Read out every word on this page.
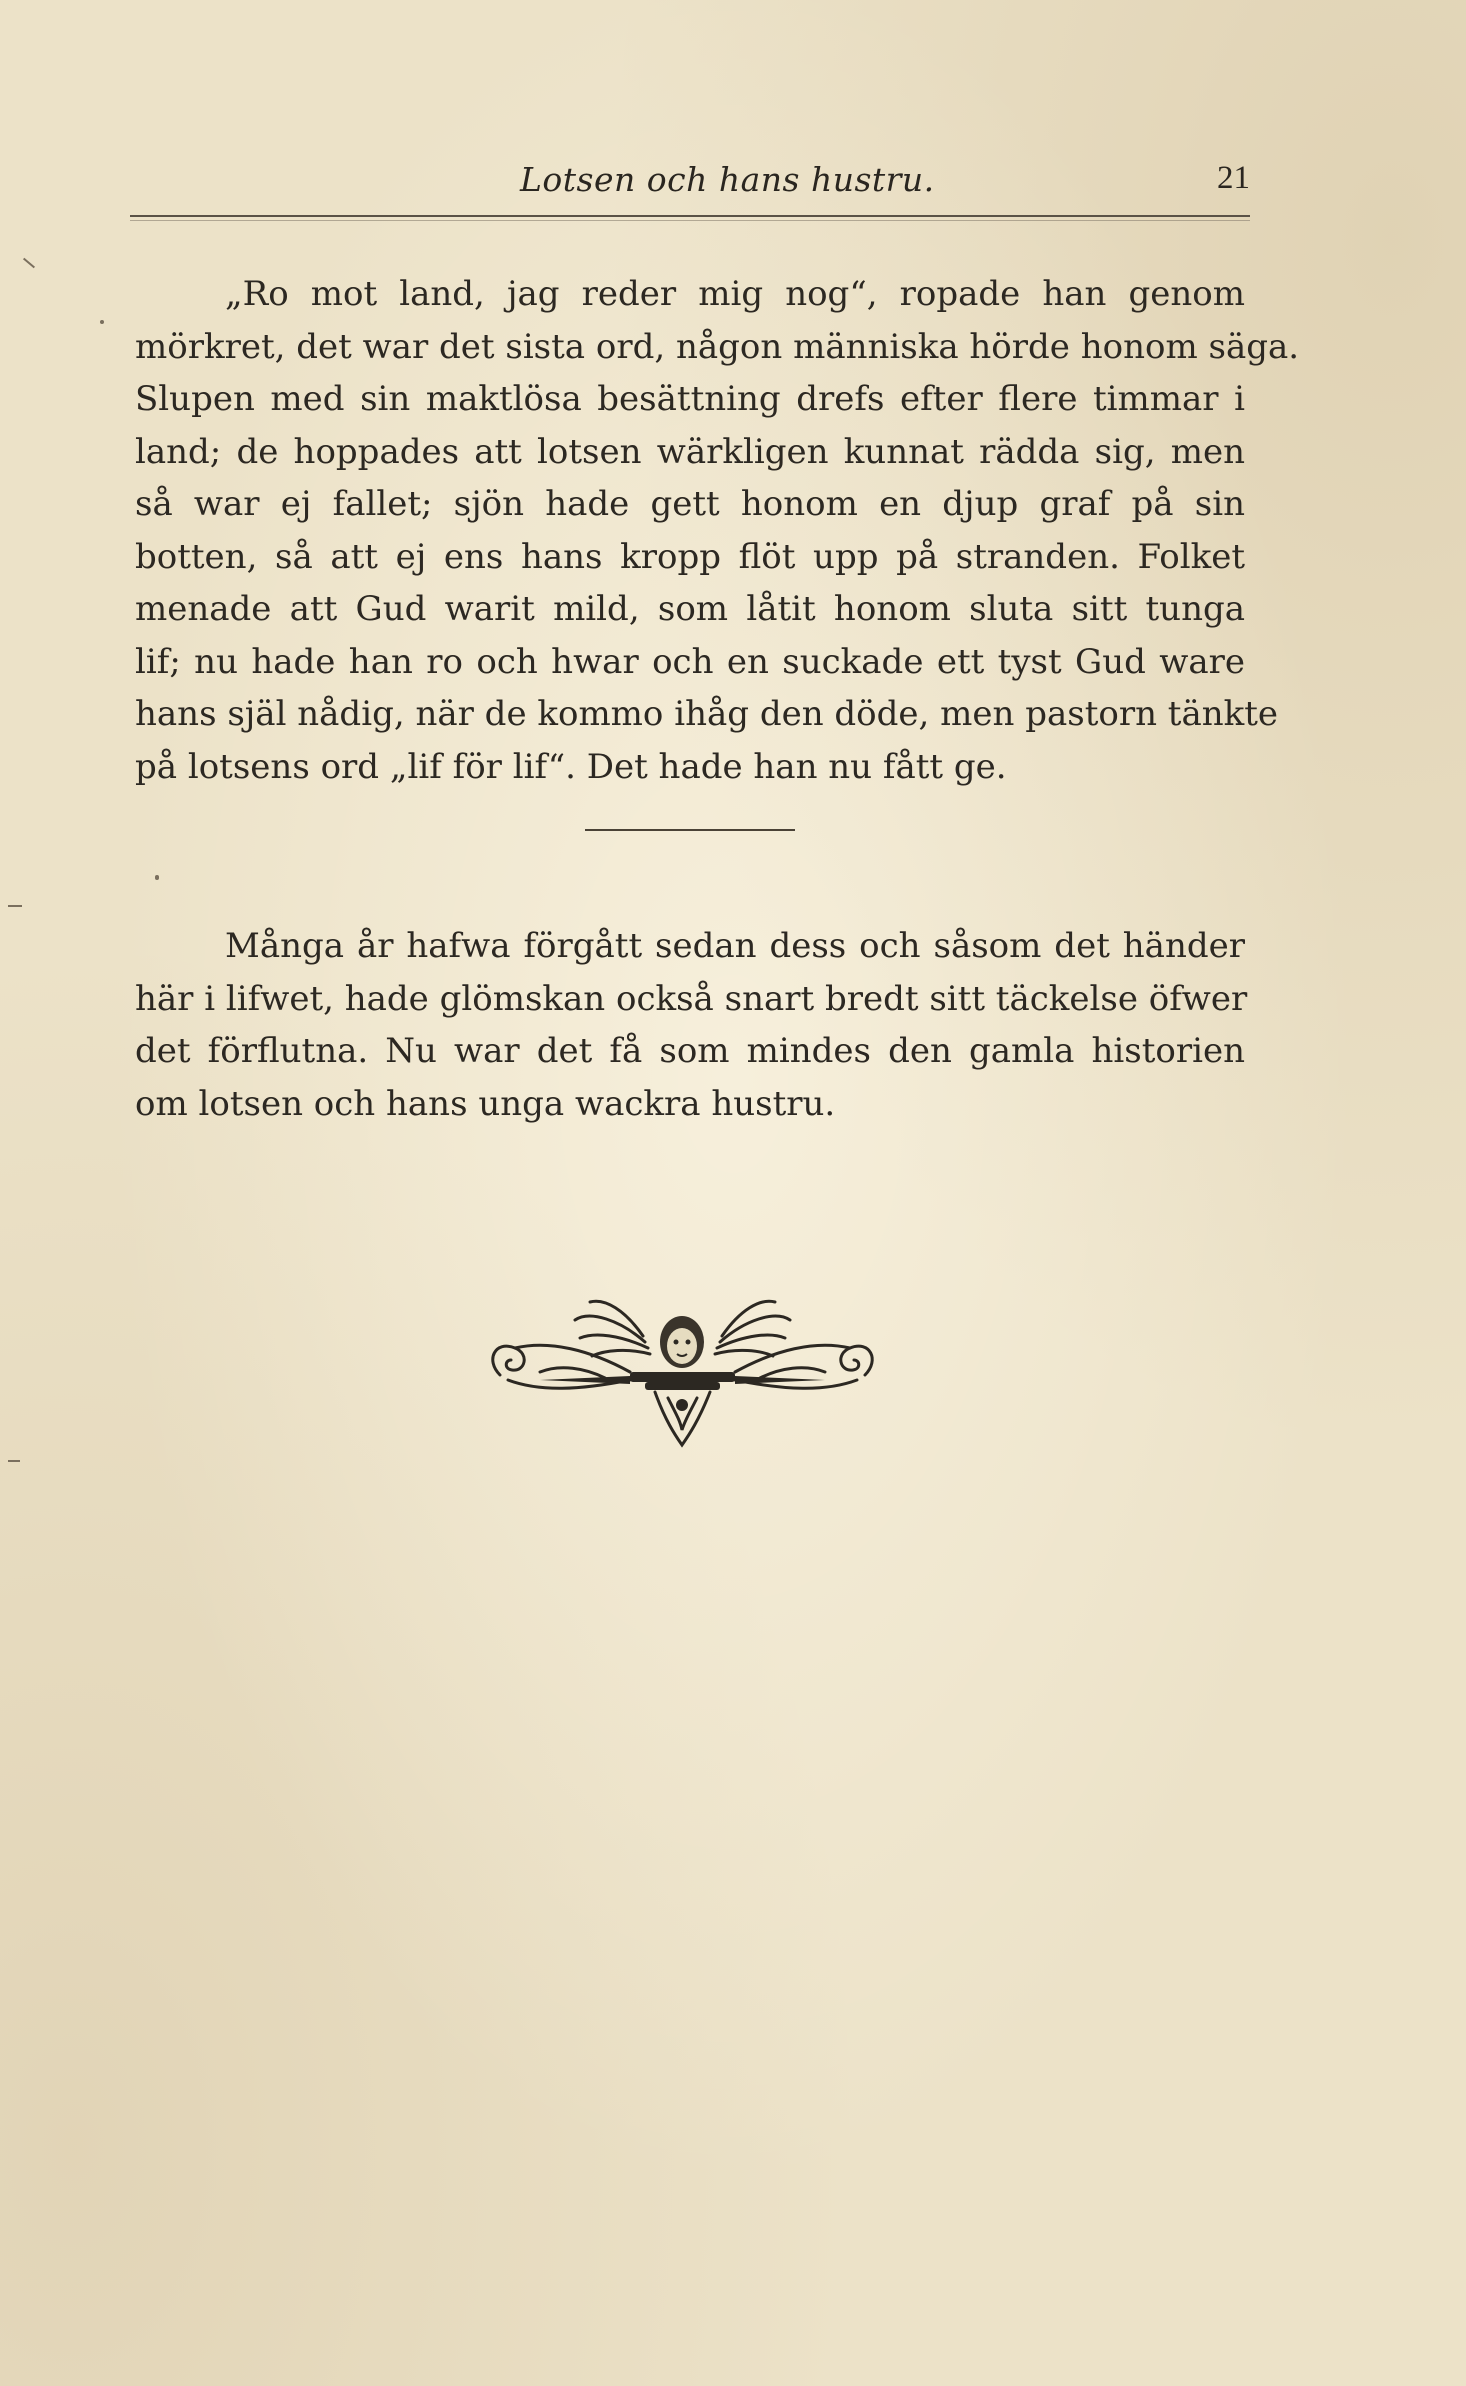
Lotsen och hans hustru.	21
„Ro mot land, jag reder mig nog“, ropade han genom
mörkret, det war det sista ord, någon människa hörde honom säga.
Slupen med sin maktlösa besättning drefs efter flere timmar i
land; de hoppades att lotsen wärkligen kunnat rädda sig, men
så war ej fallet; sjön hade gett honom en djup graf på sin
botten, så att ej ens hans kropp flöt upp på stranden. Folket
menade att Gud warit mild, som låtit honom sluta sitt tunga
lif; nu hade han ro och hwar och en suckade ett tyst Gud ware
hans själ nådig, när de kommo ihåg den döde, men pastorn tänkte
på lotsens ord „lif för lif“. Det hade han nu fått ge.
Många år hafwa förgått sedan dess och såsom det händer
här i lifwet, hade glömskan också snart bredt sitt täckelse öfwer
det förflutna. Nu war det få som mindes den gamla historien
om lotsen och hans unga wackra hustru.
